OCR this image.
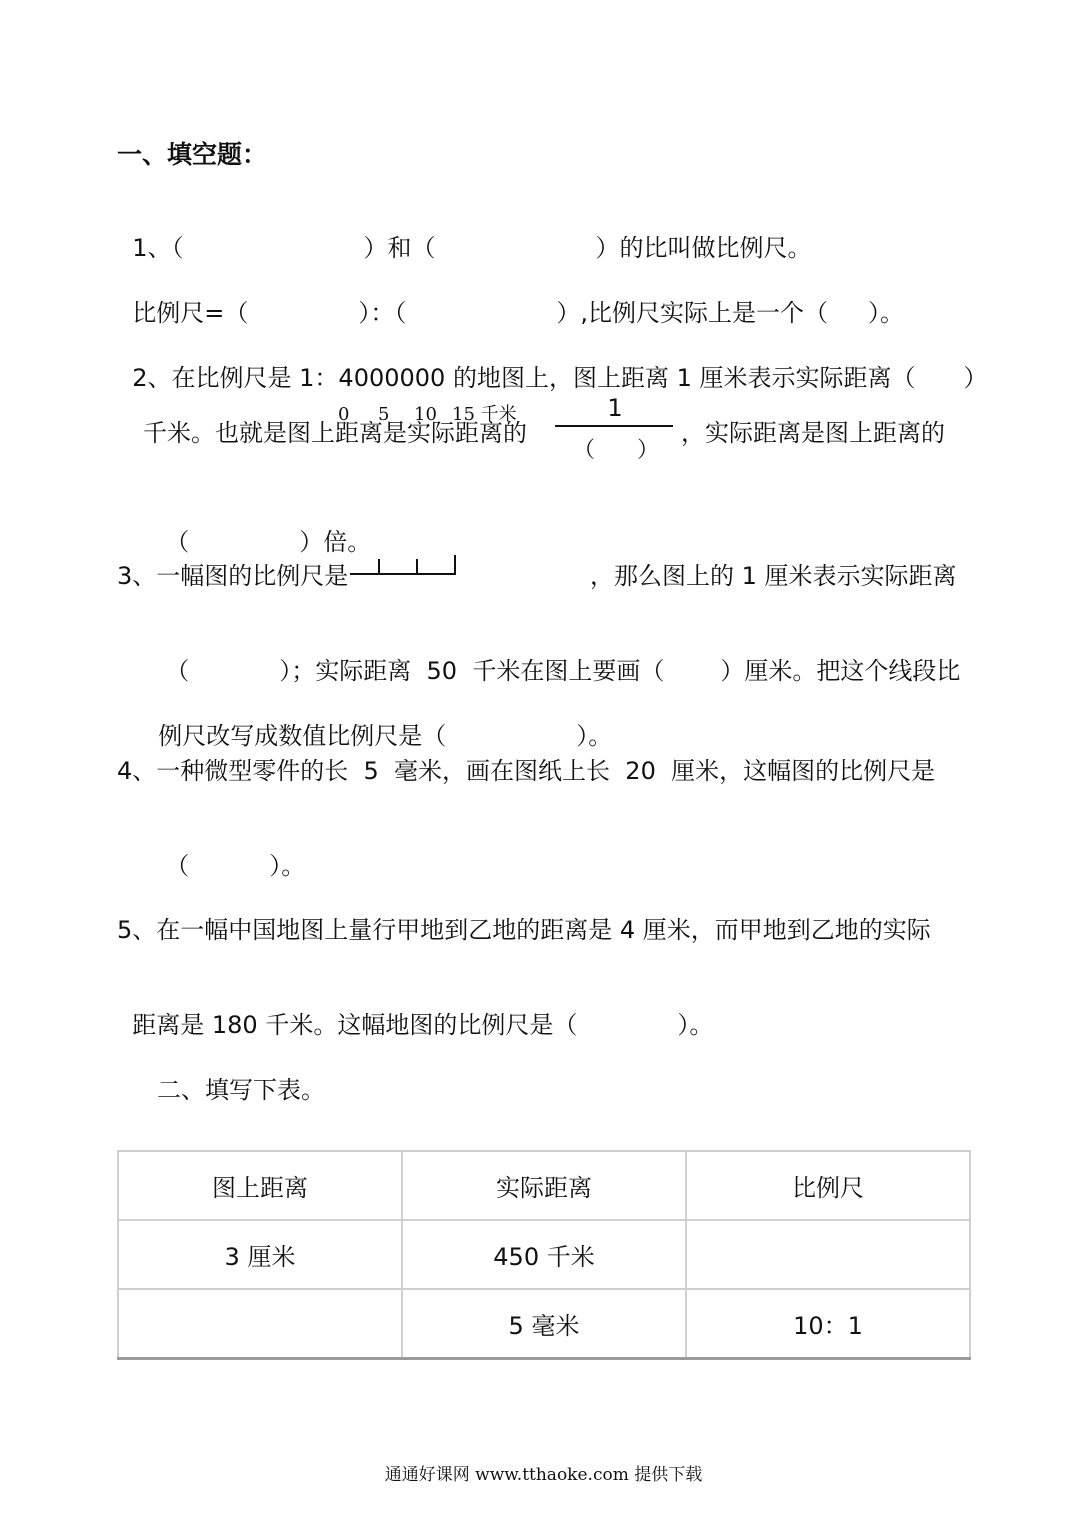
一、填空题：

1、（	）和（	）的比叫做比例尺。

比例尺=（	）：（	）,比例尺实际上是一个（ ）。

2、在比例尺是 1：4000000 的地图上，图上距离 1 厘米表示实际距离（ ）

0 5 10 15 千米
千米。也就是图上距离是实际距离的
1
（      ）
，实际距离是图上距离的

（	）倍。

3、一幅图的比例尺是	，那么图上的 1 厘米表示实际距离

（	）；实际距离  50  千米在图上要画（ ）厘米。把这个线段比

例尺改写成数值比例尺是（	）。

4、一种微型零件的长  5  毫米，画在图纸上长  20  厘米，这幅图的比例尺是

（	）。

5、在一幅中国地图上量行甲地到乙地的距离是 4 厘米，而甲地到乙地的实际

距离是 180 千米。这幅地图的比例尺是（	）。

二、填写下表。
图上距离	实际距离	比例尺
3 厘米	450 千米	
	5 毫米	10：1
通通好课网 www.tthaoke.com 提供下载
